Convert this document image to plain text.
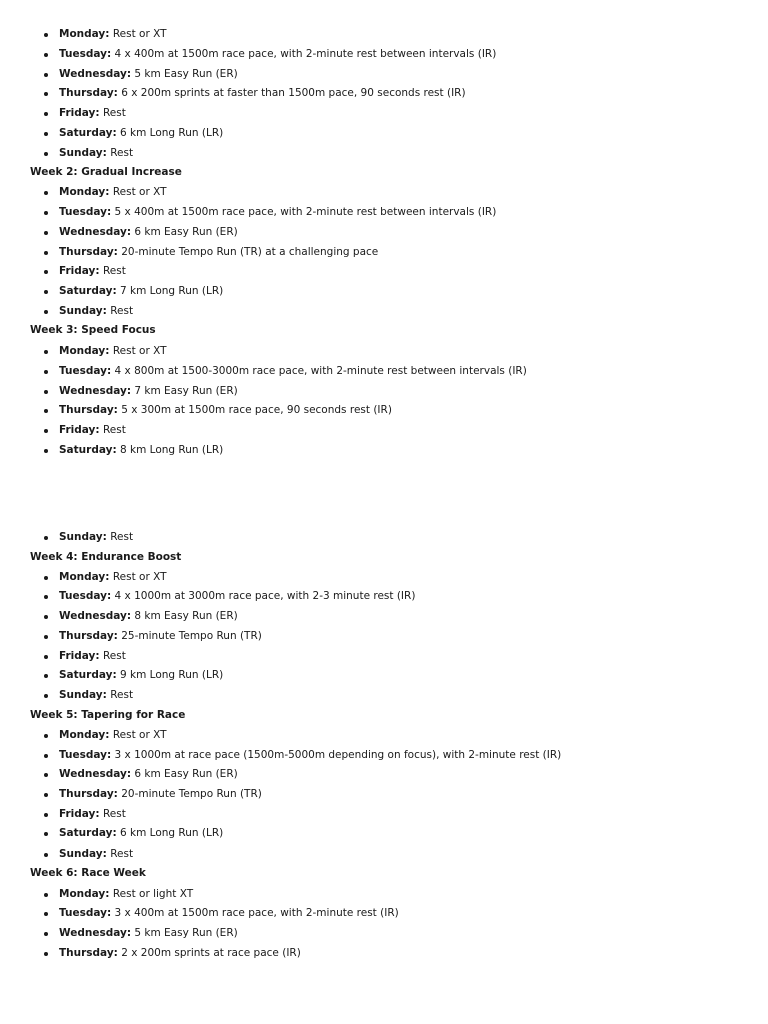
Monday: Rest or XT
Tuesday: 4 x 400m at 1500m race pace, with 2-minute rest between intervals (IR)
Wednesday: 5 km Easy Run (ER)
Thursday: 6 x 200m sprints at faster than 1500m pace, 90 seconds rest (IR)
Friday: Rest
Saturday: 6 km Long Run (LR)
Sunday: Rest
Week 2: Gradual Increase
Monday: Rest or XT
Tuesday: 5 x 400m at 1500m race pace, with 2-minute rest between intervals (IR)
Wednesday: 6 km Easy Run (ER)
Thursday: 20-minute Tempo Run (TR) at a challenging pace
Friday: Rest
Saturday: 7 km Long Run (LR)
Sunday: Rest
Week 3: Speed Focus
Monday: Rest or XT
Tuesday: 4 x 800m at 1500-3000m race pace, with 2-minute rest between intervals (IR)
Wednesday: 7 km Easy Run (ER)
Thursday: 5 x 300m at 1500m race pace, 90 seconds rest (IR)
Friday: Rest
Saturday: 8 km Long Run (LR)
Sunday: Rest
Week 4: Endurance Boost
Monday: Rest or XT
Tuesday: 4 x 1000m at 3000m race pace, with 2-3 minute rest (IR)
Wednesday: 8 km Easy Run (ER)
Thursday: 25-minute Tempo Run (TR)
Friday: Rest
Saturday: 9 km Long Run (LR)
Sunday: Rest
Week 5: Tapering for Race
Monday: Rest or XT
Tuesday: 3 x 1000m at race pace (1500m-5000m depending on focus), with 2-minute rest (IR)
Wednesday: 6 km Easy Run (ER)
Thursday: 20-minute Tempo Run (TR)
Friday: Rest
Saturday: 6 km Long Run (LR)
Sunday: Rest
Week 6: Race Week
Monday: Rest or light XT
Tuesday: 3 x 400m at 1500m race pace, with 2-minute rest (IR)
Wednesday: 5 km Easy Run (ER)
Thursday: 2 x 200m sprints at race pace (IR)
